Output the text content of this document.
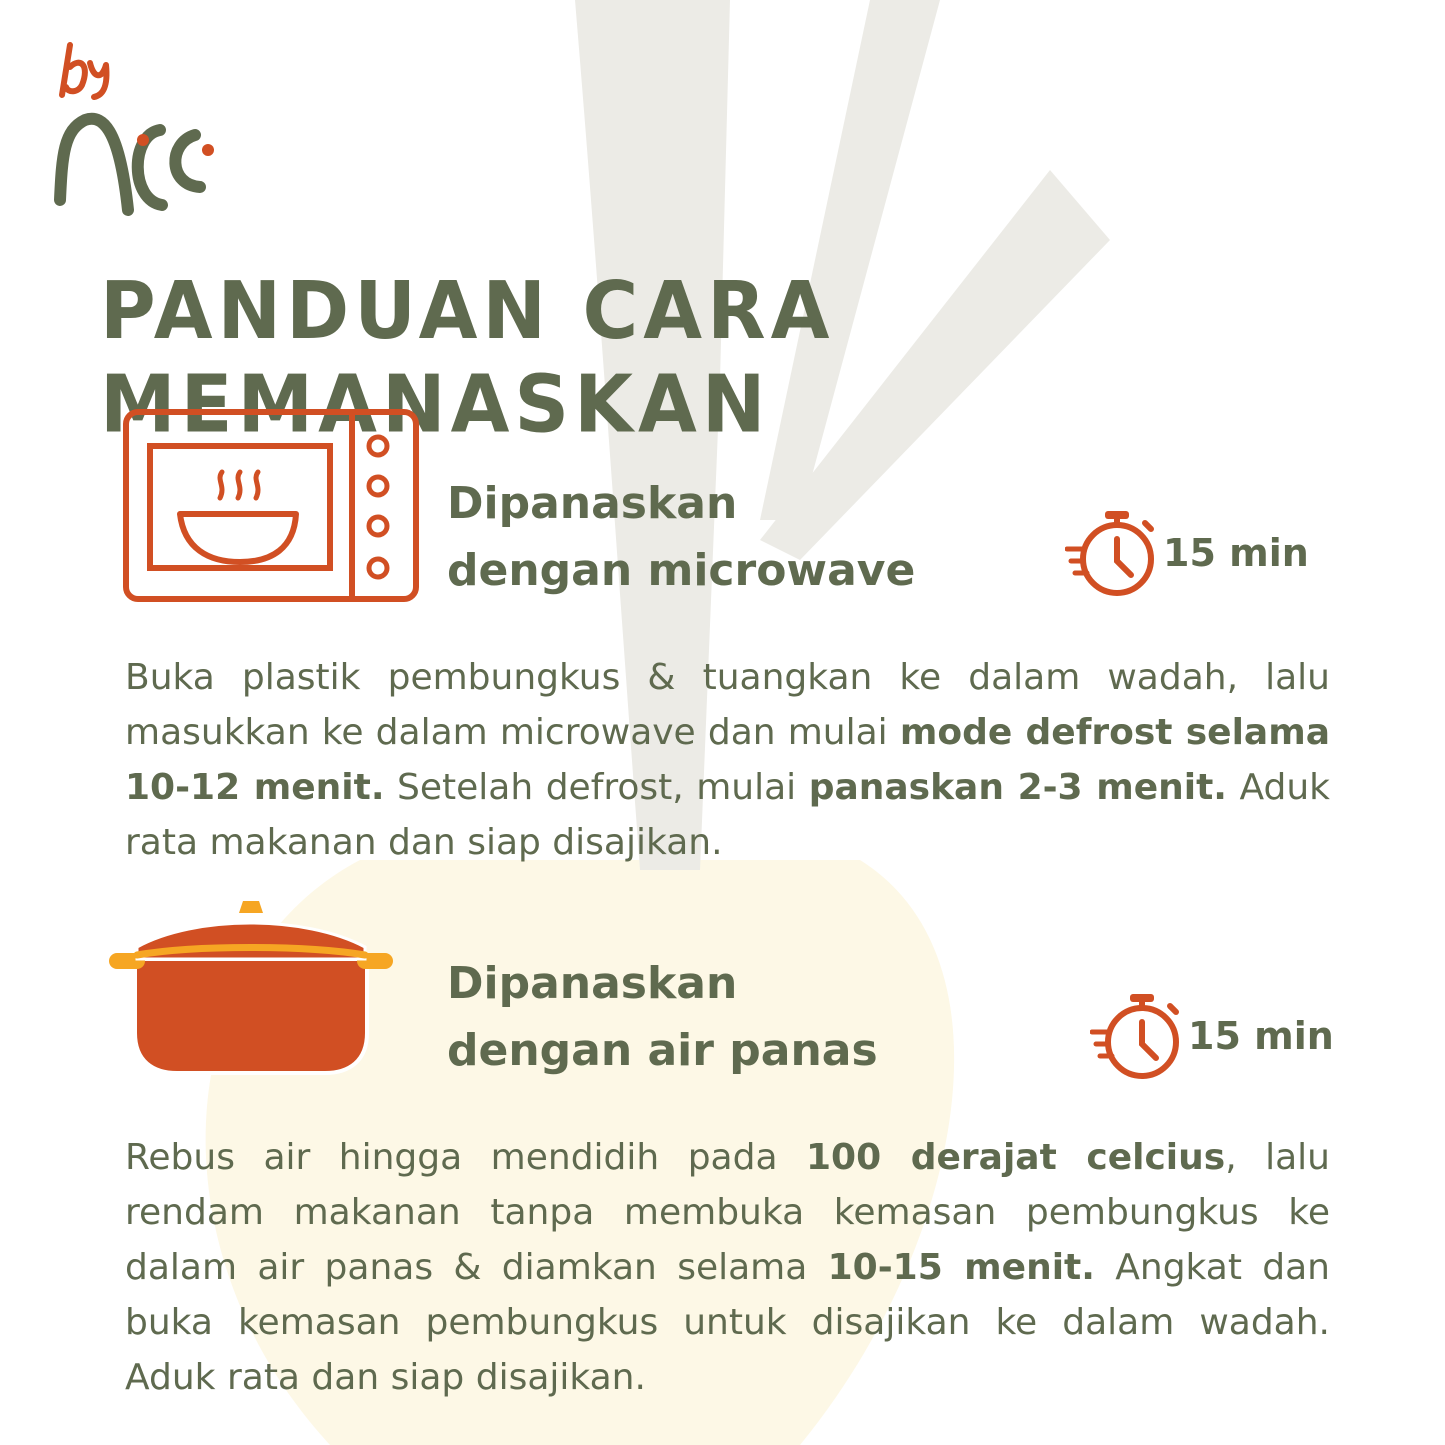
PANDUAN CARA MEMANASKAN
Dipanaskan
dengan microwave	15 min
Buka plastik pembungkus & tuangkan ke dalam wadah, lalu masukkan ke dalam microwave dan mulai mode defrost selama 10-12 menit. Setelah defrost, mulai panaskan 2-3 menit. Aduk rata makanan dan siap disajikan.
Dipanaskan
dengan air panas	15 min
Rebus air hingga mendidih pada 100 derajat celcius, lalu rendam makanan tanpa membuka kemasan pembungkus ke dalam air panas & diamkan selama 10-15 menit. Angkat dan buka kemasan pembungkus untuk disajikan ke dalam wadah. Aduk rata dan siap disajikan.
